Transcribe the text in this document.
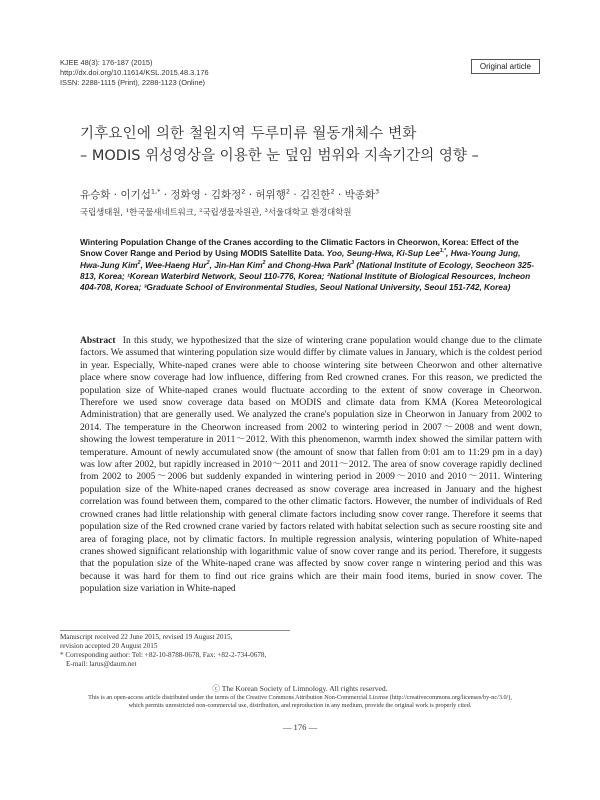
KJEE 48(3): 176-187 (2015)
http://dx.doi.org/10.11614/KSL.2015.48.3.176
ISSN: 2288-1115 (Print), 2288-1123 (Online)
Original article
기후요인에 의한 철원지역 두루미류 월동개체수 변화
– MODIS 위성영상을 이용한 눈 덮임 범위와 지속기간의 영향 –
유승화 · 이기섭$^{1,*}$ · 정화영 · 김화정$^2$ · 허위행$^2$ · 김진한$^2$ · 박종화$^3$
국립생태원, ¹한국물새네트워크, ²국립생물자원관, ³서울대학교 환경대학원
Wintering Population Change of the Cranes according to the Climatic Factors in Cheorwon, Korea: Effect of the Snow Cover Range and Period by Using MODIS Satellite Data. Yoo, Seung-Hwa, Ki-Sup Lee$^{1,*}$, Hwa-Young Jung, Hwa-Jung Kim$^2$, Wee-Haeng Hur$^2$, Jin-Han Kim$^2$ and Chong-Hwa Park$^3$ (National Institute of Ecology, Seocheon 325-813, Korea; ¹Korean Waterbird Network, Seoul 110-776, Korea; ²National Institute of Biological Resources, Incheon 404-708, Korea; ³Graduate School of Environmental Studies, Seoul National University, Seoul 151-742, Korea)
Abstract In this study, we hypothesized that the size of wintering crane population would change due to the climate factors. We assumed that wintering population size would differ by climate values in January, which is the coldest period in year. Especially, White-naped cranes were able to choose wintering site between Cheorwon and other alternative place where snow coverage had low influence, differing from Red crowned cranes. For this reason, we predicted the population size of White-naped cranes would fluctuate according to the extent of snow coverage in Cheorwon. Therefore we used snow coverage data based on MODIS and climate data from KMA (Korea Meteorological Administration) that are generally used. We analyzed the crane's population size in Cheorwon in January from 2002 to 2014. The temperature in the Cheorwon increased from 2002 to wintering period in 2007～2008 and went down, showing the lowest temperature in 2011～2012. With this phenomenon, warmth index showed the similar pattern with temperature. Amount of newly accumulated snow (the amount of snow that fallen from 0:01 am to 11:29 pm in a day) was low after 2002, but rapidly increased in 2010～2011 and 2011～2012. The area of snow coverage rapidly declined from 2002 to 2005～2006 but suddenly expanded in wintering period in 2009～2010 and 2010～2011. Wintering population size of the White-naped cranes decreased as snow coverage area increased in January and the highest correlation was found between them, compared to the other climatic factors. However, the number of individuals of Red crowned cranes had little relationship with general climate factors including snow cover range. Therefore it seems that population size of the Red crowned crane varied by factors related with habitat selection such as secure roosting site and area of foraging place, not by climatic factors. In multiple regression analysis, wintering population of White-naped cranes showed significant relationship with logarithmic value of snow cover range and its period. Therefore, it suggests that the population size of the White-naped crane was affected by snow cover range n wintering period and this was because it was hard for them to find out rice grains which are their main food items, buried in snow cover. The population size variation in White-naped
Manuscript received 22 June 2015, revised 19 August 2015,
revision accepted 20 August 2015
* Corresponding author: Tel: +82-10-8788-0678, Fax: +82-2-734-0678,
E-mail: larus@daum.net
ⓒ The Korean Society of Limnology. All rights reserved.
This is an open-access article distributed under the terms of the Creative Commons Attribution Non-Commercial License (http://creativecommons.org/licenses/by-nc/3.0/),
which permits unrestricted non-commercial use, distribution, and reproduction in any medium, provide the original work is properly cited.
— 176 —
